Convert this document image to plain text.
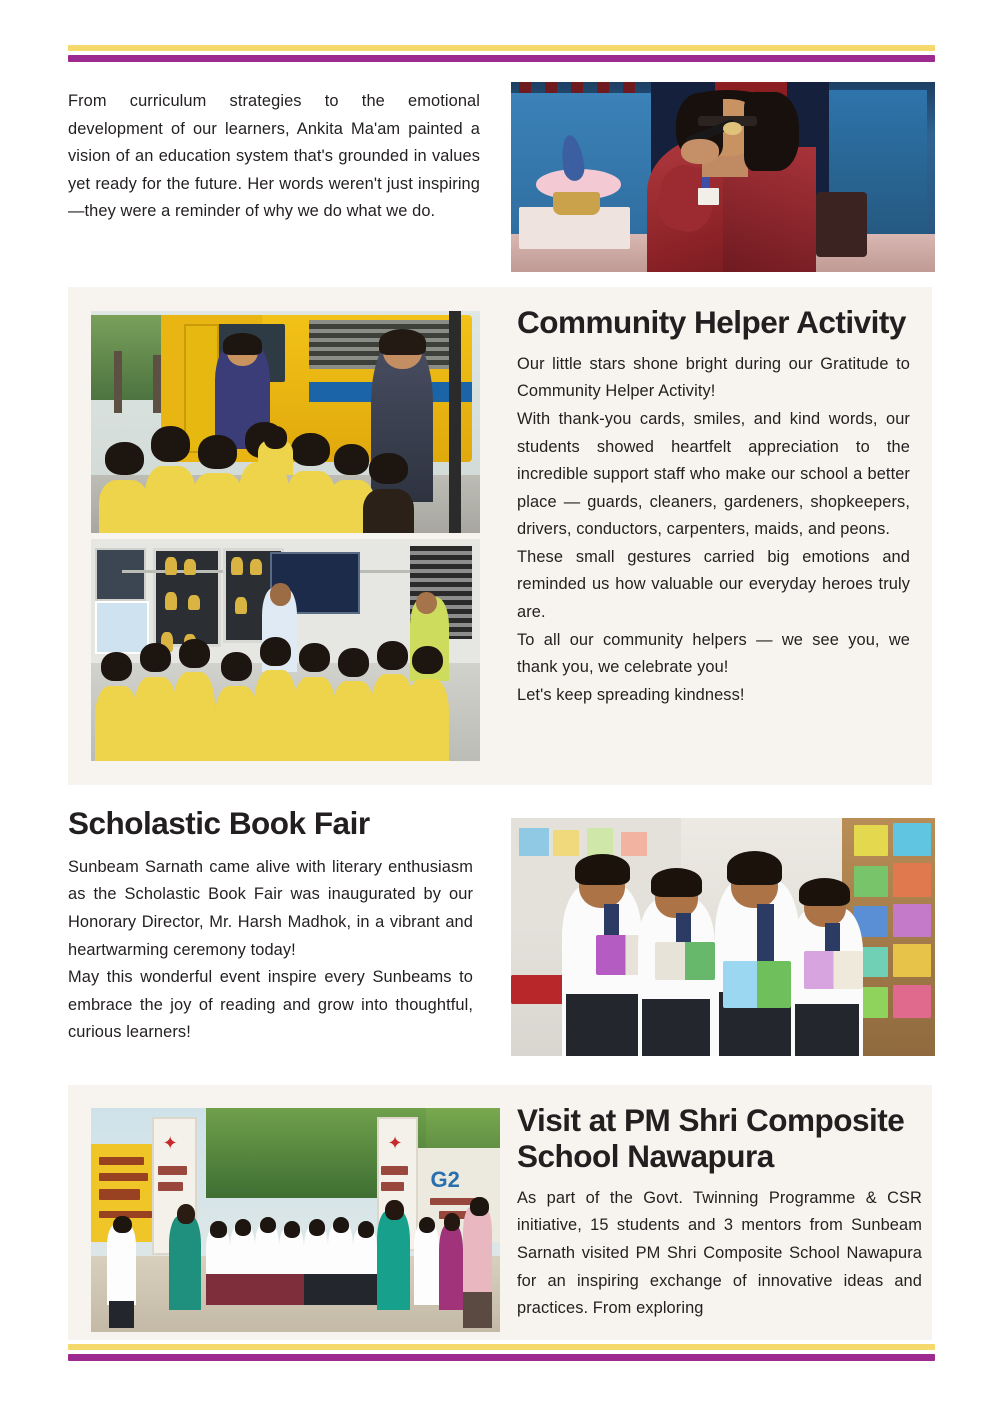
From curriculum strategies to the emotional development of our learners, Ankita Ma'am painted a vision of an education system that's grounded in values yet ready for the future. Her words weren't just inspiring—they were a reminder of why we do what we do.

Community Helper Activity

Our little stars shone bright during our Gratitude to Community Helper Activity!

With thank-you cards, smiles, and kind words, our students showed heartfelt appreciation to the incredible support staff who make our school a better place — guards, cleaners, gardeners, shopkeepers, drivers, conductors, carpenters, maids, and peons.

These small gestures carried big emotions and reminded us how valuable our everyday heroes truly are.

To all our community helpers — we see you, we thank you, we celebrate you!

Let's keep spreading kindness!

Scholastic Book Fair

Sunbeam Sarnath came alive with literary enthusiasm as the Scholastic Book Fair was inaugurated by our Honorary Director, Mr. Harsh Madhok, in a vibrant and heartwarming ceremony today!

May this wonderful event inspire every Sunbeams to embrace the joy of reading and grow into thoughtful, curious learners!

✦	✦
G2
Visit at PM Shri Composite School Nawapura

As part of the Govt. Twinning Programme & CSR initiative, 15 students and 3 mentors from Sunbeam Sarnath visited PM Shri Composite School Nawapura for an inspiring exchange of innovative ideas and practices. From exploring
